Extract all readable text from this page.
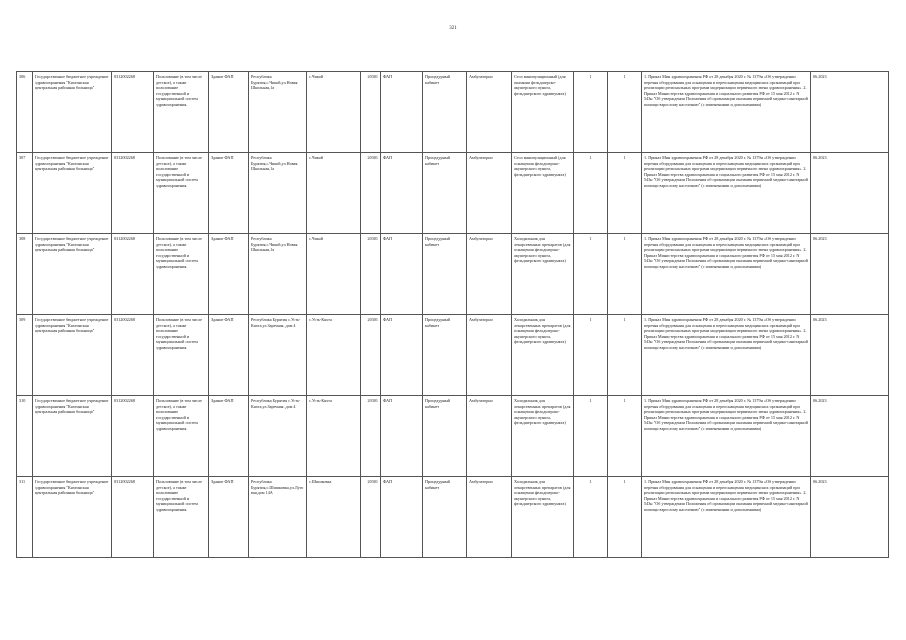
321
306	Государственное бюджетное учреждение здравоохранения "Кяхтинская центральная районная больница"	0312002268	Пользование (в том числе детское), а также пользование государственной и муниципальной систем здравоохранения.	Здание ФАП	Республика Бурятия,с.Чикой,ул.Новая Школьная,1а	с.Чикой	20301	ФАП	Процедурный кабинет	Амбулаторно	Стол манипуляционный (для оказания фельдшерско-акушерского пункта, фельдшерского здравпункта)	1	1	1. Приказ Мин здравоохранения РФ от 28 декабря 2020 г. № 1379н «Об утверждении перечня оборудования для оснащения и переоснащения медицинских организаций при реализации региональных программ модернизации первичного звена здравоохранения». 2. Приказ Министерства здравоохранения и социального развития РФ от 15 мая 2012 г. N 543н "Об утверждении Положения об организации оказания первичной медико-санитарной помощи взрослому населению" (с изменениями и дополнениями)	06.2023
307	Государственное бюджетное учреждение здравоохранения "Кяхтинская центральная районная больница"	0312002268	Пользование (в том числе детское), а также пользование государственной и муниципальной систем здравоохранения.	Здание ФАП	Республика Бурятия,с.Чикой,ул.Новая Школьная,1а	с.Чикой	20301	ФАП	Процедурный кабинет	Амбулаторно	Стол манипуляционный (для оснащения фельдшерско-акушерского пункта, фельдшерского здравпункта)	1	1	1. Приказ Мин здравоохранения РФ от 28 декабря 2020 г. № 1379н «Об утверждении перечня оборудования для оснащения и переоснащения медицинских организаций при реализации региональных программ модернизации первичного звена здравоохранения». 2. Приказ Министерства здравоохранения и социального развития РФ от 15 мая 2012 г. N 543н "Об утверждении Положения об организации оказания первичной медико-санитарной помощи взрослому населению" (с изменениями и дополнениями)	06.2023
308	Государственное бюджетное учреждение здравоохранения "Кяхтинская центральная районная больница"	0312002268	Пользование (в том числе детское), а также пользование государственной и муниципальной систем здравоохранения.	Здание ФАП	Республика Бурятия,с.Чикой,ул.Новая Школьная,1а	с.Чикой	20301	ФАП	Процедурный кабинет	Амбулаторно	Холодильник для лекарственных препаратов (для оснащения фельдшерско-акушерского пункта, фельдшерского здравпункта)	1	1	1. Приказ Мин здравоохранения РФ от 28 декабря 2020 г. № 1379н «Об утверждении перечня оборудования для оснащения и переоснащения медицинских организаций при реализации региональных программ модернизации первичного звена здравоохранения». 2. Приказ Министерства здравоохранения и социального развития РФ от 15 мая 2012 г. N 543н "Об утверждении Положения об организации оказания первичной медико-санитарной помощи взрослому населению" (с изменениями и дополнениями)	06.2023
309	Государственное бюджетное учреждение здравоохранения "Кяхтинская центральная районная больница"	0312002268	Пользование (в том числе детское), а также пользование государственной и муниципальной систем здравоохранения.	Здание ФАП	Республика Бурятия с.Усть-Кяхта,ул.Заречная ,дом 4	с.Усть-Кяхта	20301	ФАП	Процедурный кабинет	Амбулаторно	Холодильник для лекарственных препаратов (для оснащения фельдшерско-акушерского пункта, фельдшерского здравпункта)	1	1	1. Приказ Мин здравоохранения РФ от 28 декабря 2020 г. № 1379н «Об утверждении перечня оборудования для оснащения и переоснащения медицинских организаций при реализации региональных программ модернизации первичного звена здравоохранения». 2. Приказ Министерства здравоохранения и социального развития РФ от 15 мая 2012 г. N 543н "Об утверждении Положения об организации оказания первичной медико-санитарной помощи взрослому населению" (с изменениями и дополнениями)	06.2023
310	Государственное бюджетное учреждение здравоохранения "Кяхтинская центральная районная больница"	0312002268	Пользование (в том числе детское), а также пользование государственной и муниципальной систем здравоохранения.	Здание ФАП	Республика Бурятия с.Усть-Кяхта,ул.Заречная ,дом 4	с.Усть-Кяхта	20301	ФАП	Процедурный кабинет	Амбулаторно	Холодильник для лекарственных препаратов (для оснащения фельдшерско-акушерского пункта, фельдшерского здравпункта)	1	1	1. Приказ Мин здравоохранения РФ от 28 декабря 2020 г. № 1379н «Об утверждении перечня оборудования для оснащения и переоснащения медицинских организаций при реализации региональных программ модернизации первичного звена здравоохранения». 2. Приказ Министерства здравоохранения и социального развития РФ от 15 мая 2012 г. N 543н "Об утверждении Положения об организации оказания первичной медико-санитарной помощи взрослому населению" (с изменениями и дополнениями)	06.2023
311	Государственное бюджетное учреждение здравоохранения "Кяхтинская центральная районная больница"	0312002268	Пользование (в том числе детское), а также пользование государственной и муниципальной систем здравоохранения.	Здание ФАП	Республика Бурятия,с.Шишковка,ул.Луговая,дом 14А	с.Шишковка	20301	ФАП	Процедурный кабинет	Амбулаторно	Холодильник для лекарственных препаратов (для оснащения фельдшерско-акушерского пункта, фельдшерского здравпункта)	1	1	1. Приказ Мин здравоохранения РФ от 28 декабря 2020 г. № 1379н «Об утверждении перечня оборудования для оснащения и переоснащения медицинских организаций при реализации региональных программ модернизации первичного звена здравоохранения». 2. Приказ Министерства здравоохранения и социального развития РФ от 15 мая 2012 г. N 543н "Об утверждении Положения об организации оказания первичной медико-санитарной помощи взрослому населению" (с изменениями и дополнениями)	06.2023
